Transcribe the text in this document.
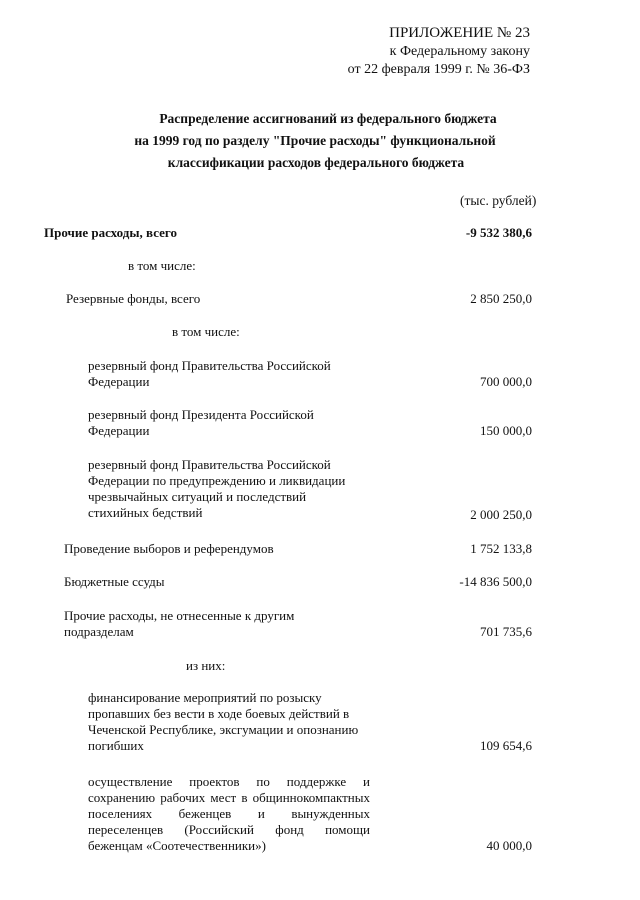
ПРИЛОЖЕНИЕ № 23
к Федеральному закону
от 22 февраля 1999 г. № 36-ФЗ
Распределение ассигнований из федерального бюджета
на 1999 год по разделу "Прочие расходы" функциональной
классификации расходов федерального бюджета
(тыс. рублей)
Прочие расходы, всего	-9 532 380,6
в том числе:
Резервные фонды, всего	2 850 250,0
в том числе:
резервный фонд Правительства Российской Федерации	700 000,0
резервный фонд Президента Российской Федерации	150 000,0
резервный фонд Правительства Российской Федерации по предупреждению и ликвидации чрезвычайных ситуаций и последствий стихийных бедствий	2 000 250,0
Проведение выборов и референдумов	1 752 133,8
Бюджетные ссуды	-14 836 500,0
Прочие расходы, не отнесенные к другим подразделам	701 735,6
из них:
финансирование мероприятий по розыску пропавших без вести в ходе боевых действий в Чеченской Республике, эксгумации и опознанию погибших	109 654,6
осуществление проектов по поддержке и сохранению рабочих мест в общиннокомпактных поселениях беженцев и вынужденных переселенцев (Российский фонд помощи беженцам «Соотечественники»)	40 000,0
